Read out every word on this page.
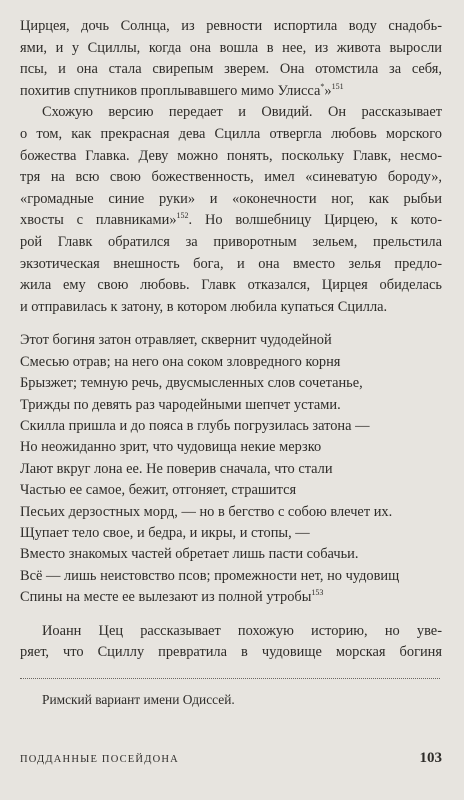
Цирцея, дочь Солнца, из ревности испортила воду снадобь-
ями, и у Сциллы, когда она вошла в нее, из живота выросли
псы, и она стала свирепым зверем. Она отомстила за себя,
похитив спутников проплывавшего мимо Улисса*»$^{151}$

Схожую версию передает и Овидий. Он рассказывает
о том, как прекрасная дева Сцилла отвергла любовь морского
божества Главка. Деву можно понять, поскольку Главк, несмо-
тря на всю свою божественность, имел «синеватую бороду»,
«громадные синие руки» и «оконечности ног, как рыбьи
хвосты с плавниками»$^{152}$. Но волшебницу Цирцею, к кото-
рой Главк обратился за приворотным зельем, прельстила
экзотическая внешность бога, и она вместо зелья предло-
жила ему свою любовь. Главк отказался, Цирцея обиделась
и отправилась к затону, в котором любила купаться Сцилла.

Этот богиня затон отравляет, сквернит чудодейной
Смесью отрав; на него она соком зловредного корня
Брызжет; темную речь, двусмысленных слов сочетанье,
Трижды по девять раз чародейными шепчет устами.
Скилла пришла и до пояса в глубь погрузилась затона —
Но неожиданно зрит, что чудовища некие мерзко
Лают вкруг лона ее. Не поверив сначала, что стали
Частью ее самое, бежит, отгоняет, страшится
Песьих дерзостных морд, — но в бегство с собою влечет их.
Щупает тело свое, и бедра, и икры, и стопы, —
Вместо знакомых частей обретает лишь пасти собачьи.
Всё — лишь неистовство псов; промежности нет, но чудовищ
Спины на месте ее вылезают из полной утробы$^{153}$

Иоанн Цец рассказывает похожую историю, но уве-
ряет, что Сциллу превратила в чудовище морская богиня

Римский вариант имени Одиссей.

ПОДДАННЫЕ ПОСЕЙДОНА	103
